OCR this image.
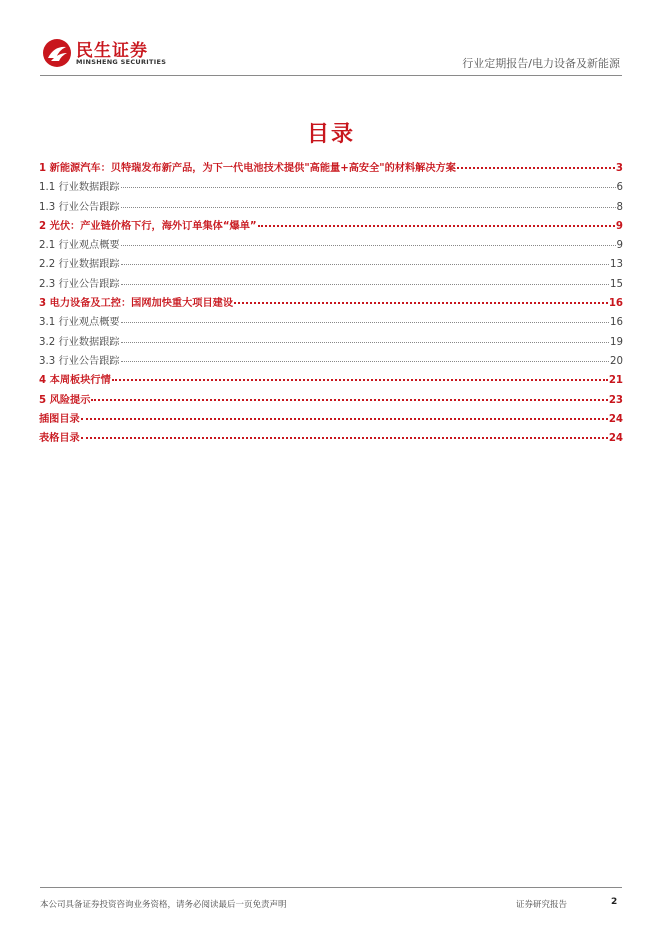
民生证券
MINSHENG SECURITIES	行业定期报告/电力设备及新能源
目录
1 新能源汽车：贝特瑞发布新产品，为下一代电池技术提供"高能量+高安全"的材料解决方案	3
1.1 行业数据跟踪	6
1.3 行业公告跟踪	8
2 光伏：产业链价格下行，海外订单集体“爆单”	9
2.1 行业观点概要	9
2.2 行业数据跟踪	13
2.3 行业公告跟踪	15
3 电力设备及工控：国网加快重大项目建设	16
3.1 行业观点概要	16
3.2 行业数据跟踪	19
3.3 行业公告跟踪	20
4 本周板块行情	21
5 风险提示	23
插图目录	24
表格目录	24
本公司具备证券投资咨询业务资格，请务必阅读最后一页免责声明	证券研究报告	2
